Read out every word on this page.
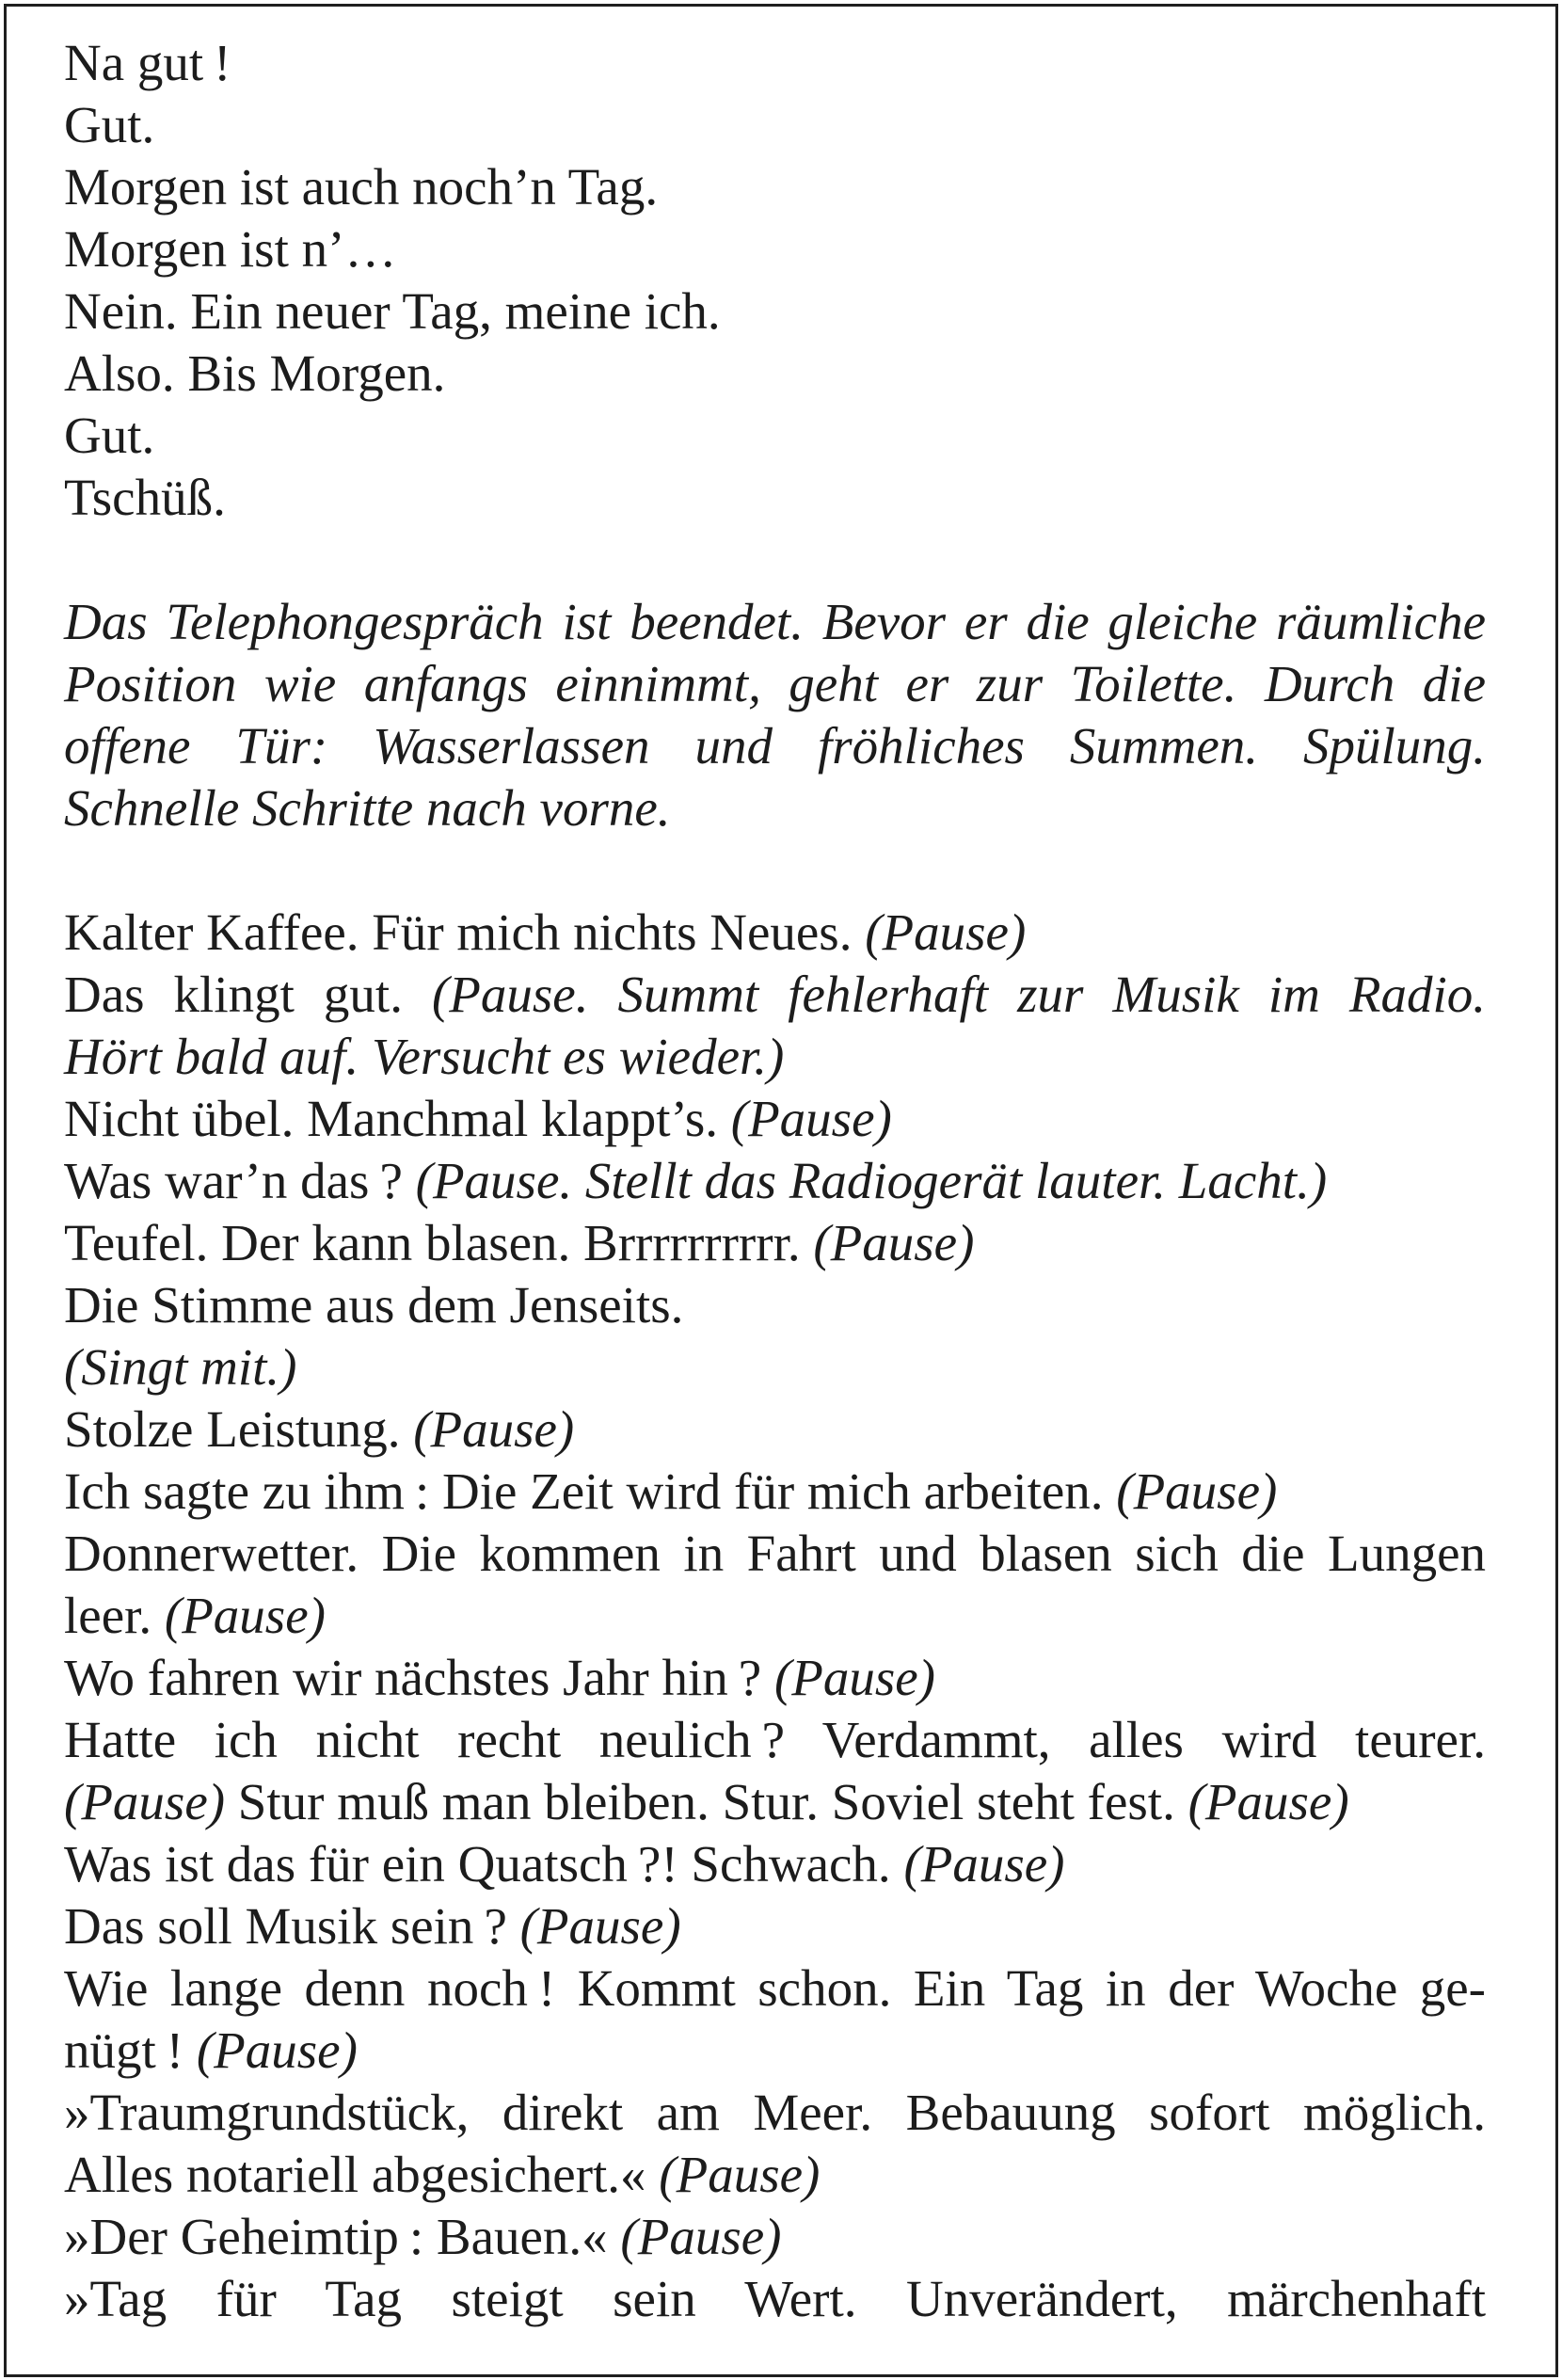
Na gut !
Gut.
Morgen ist auch noch’n Tag.
Morgen ist n’…
Nein. Ein neuer Tag, meine ich.
Also. Bis Morgen.
Gut.
Tschüß.
Das Telephongespräch ist beendet. Bevor er die gleiche räumliche
Position wie anfangs einnimmt, geht er zur Toilette. Durch die
offene Tür: Wasserlassen und fröhliches Summen. Spülung.
Schnelle Schritte nach vorne.
Kalter Kaffee. Für mich nichts Neues. (Pause)
Das klingt gut. (Pause. Summt fehlerhaft zur Musik im Radio.
Hört bald auf. Versucht es wieder.)
Nicht übel. Manchmal klappt’s. (Pause)
Was war’n das ? (Pause. Stellt das Radiogerät lauter. Lacht.)
Teufel. Der kann blasen. Brrrrrrrrrr. (Pause)
Die Stimme aus dem Jenseits.
(Singt mit.)
Stolze Leistung. (Pause)
Ich sagte zu ihm : Die Zeit wird für mich arbeiten. (Pause)
Donnerwetter. Die kommen in Fahrt und blasen sich die Lungen
leer. (Pause)
Wo fahren wir nächstes Jahr hin ? (Pause)
Hatte ich nicht recht neulich ? Verdammt, alles wird teurer.
(Pause) Stur muß man bleiben. Stur. Soviel steht fest. (Pause)
Was ist das für ein Quatsch ?! Schwach. (Pause)
Das soll Musik sein ? (Pause)
Wie lange denn noch ! Kommt schon. Ein Tag in der Woche ge-
nügt ! (Pause)
»Traumgrundstück, direkt am Meer. Bebauung sofort möglich.
Alles notariell abgesichert.« (Pause)
»Der Geheimtip : Bauen.« (Pause)
»Tag für Tag steigt sein Wert. Unverändert, märchenhaft
